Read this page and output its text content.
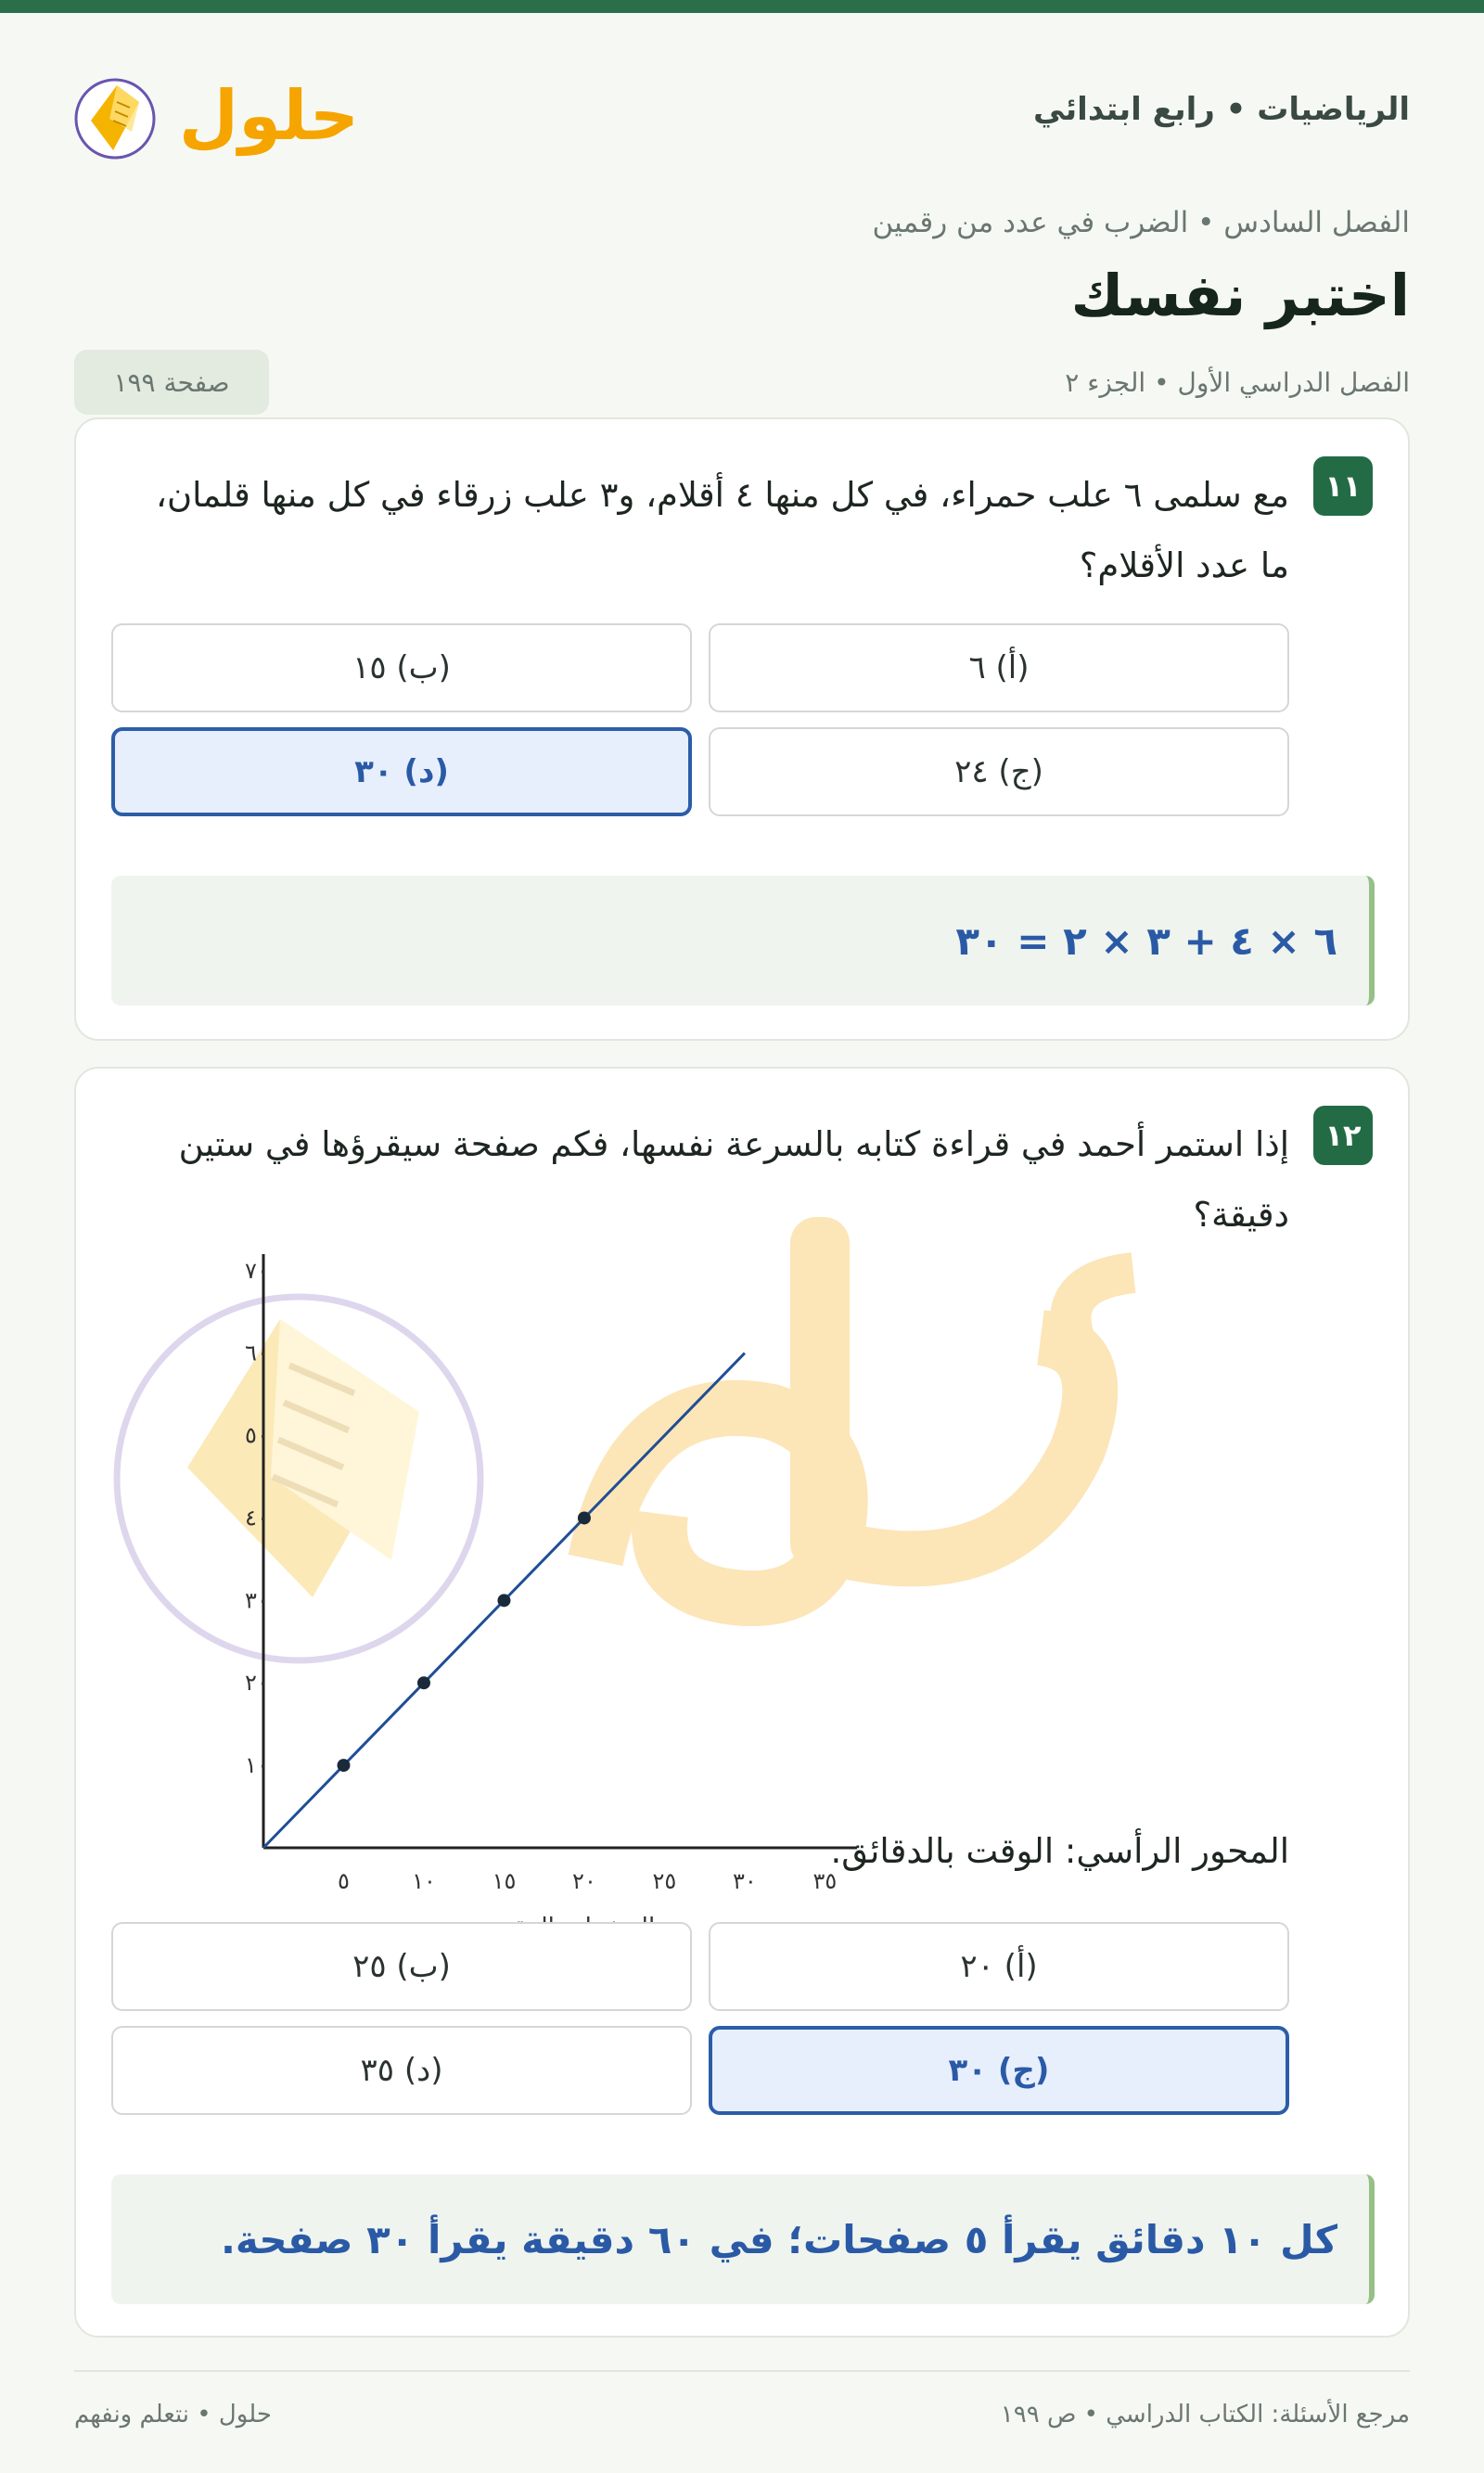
الرياضيات • رابع ابتدائي
حلول
الفصل السادس • الضرب في عدد من رقمين
اختبر نفسك
الفصل الدراسي الأول • الجزء ٢
صفحة ١٩٩
١١
مع سلمى ٦ علب حمراء، في كل منها ٤ أقلام، و٣ علب زرقاء في كل منها قلمان، ما عدد الأقلام؟
(أ) ٦
(ب) ١٥
(ج) ٢٤
(د) ٣٠
٦ × ٤ + ٣ × ٢ = ٣٠
١٢
إذا استمر أحمد في قراءة كتابه بالسرعة نفسها، فكم صفحة سيقرؤها في ستين دقيقة؟
٥	١٠	١٥	٢٠	٢٥	٣٠	٣٥
١٠
٢٠
٣٠
٤٠
٥٠
٦٠
٧٠
المحور الرأسي: الوقت بالدقائق.
(أ) ٢٠
(ب) ٢٥
(ج) ٣٠
(د) ٣٥
كل ١٠ دقائق يقرأ ٥ صفحات؛ في ٦٠ دقيقة يقرأ ٣٠ صفحة.
مرجع الأسئلة: الكتاب الدراسي • ص ١٩٩
حلول • نتعلم ونفهم
